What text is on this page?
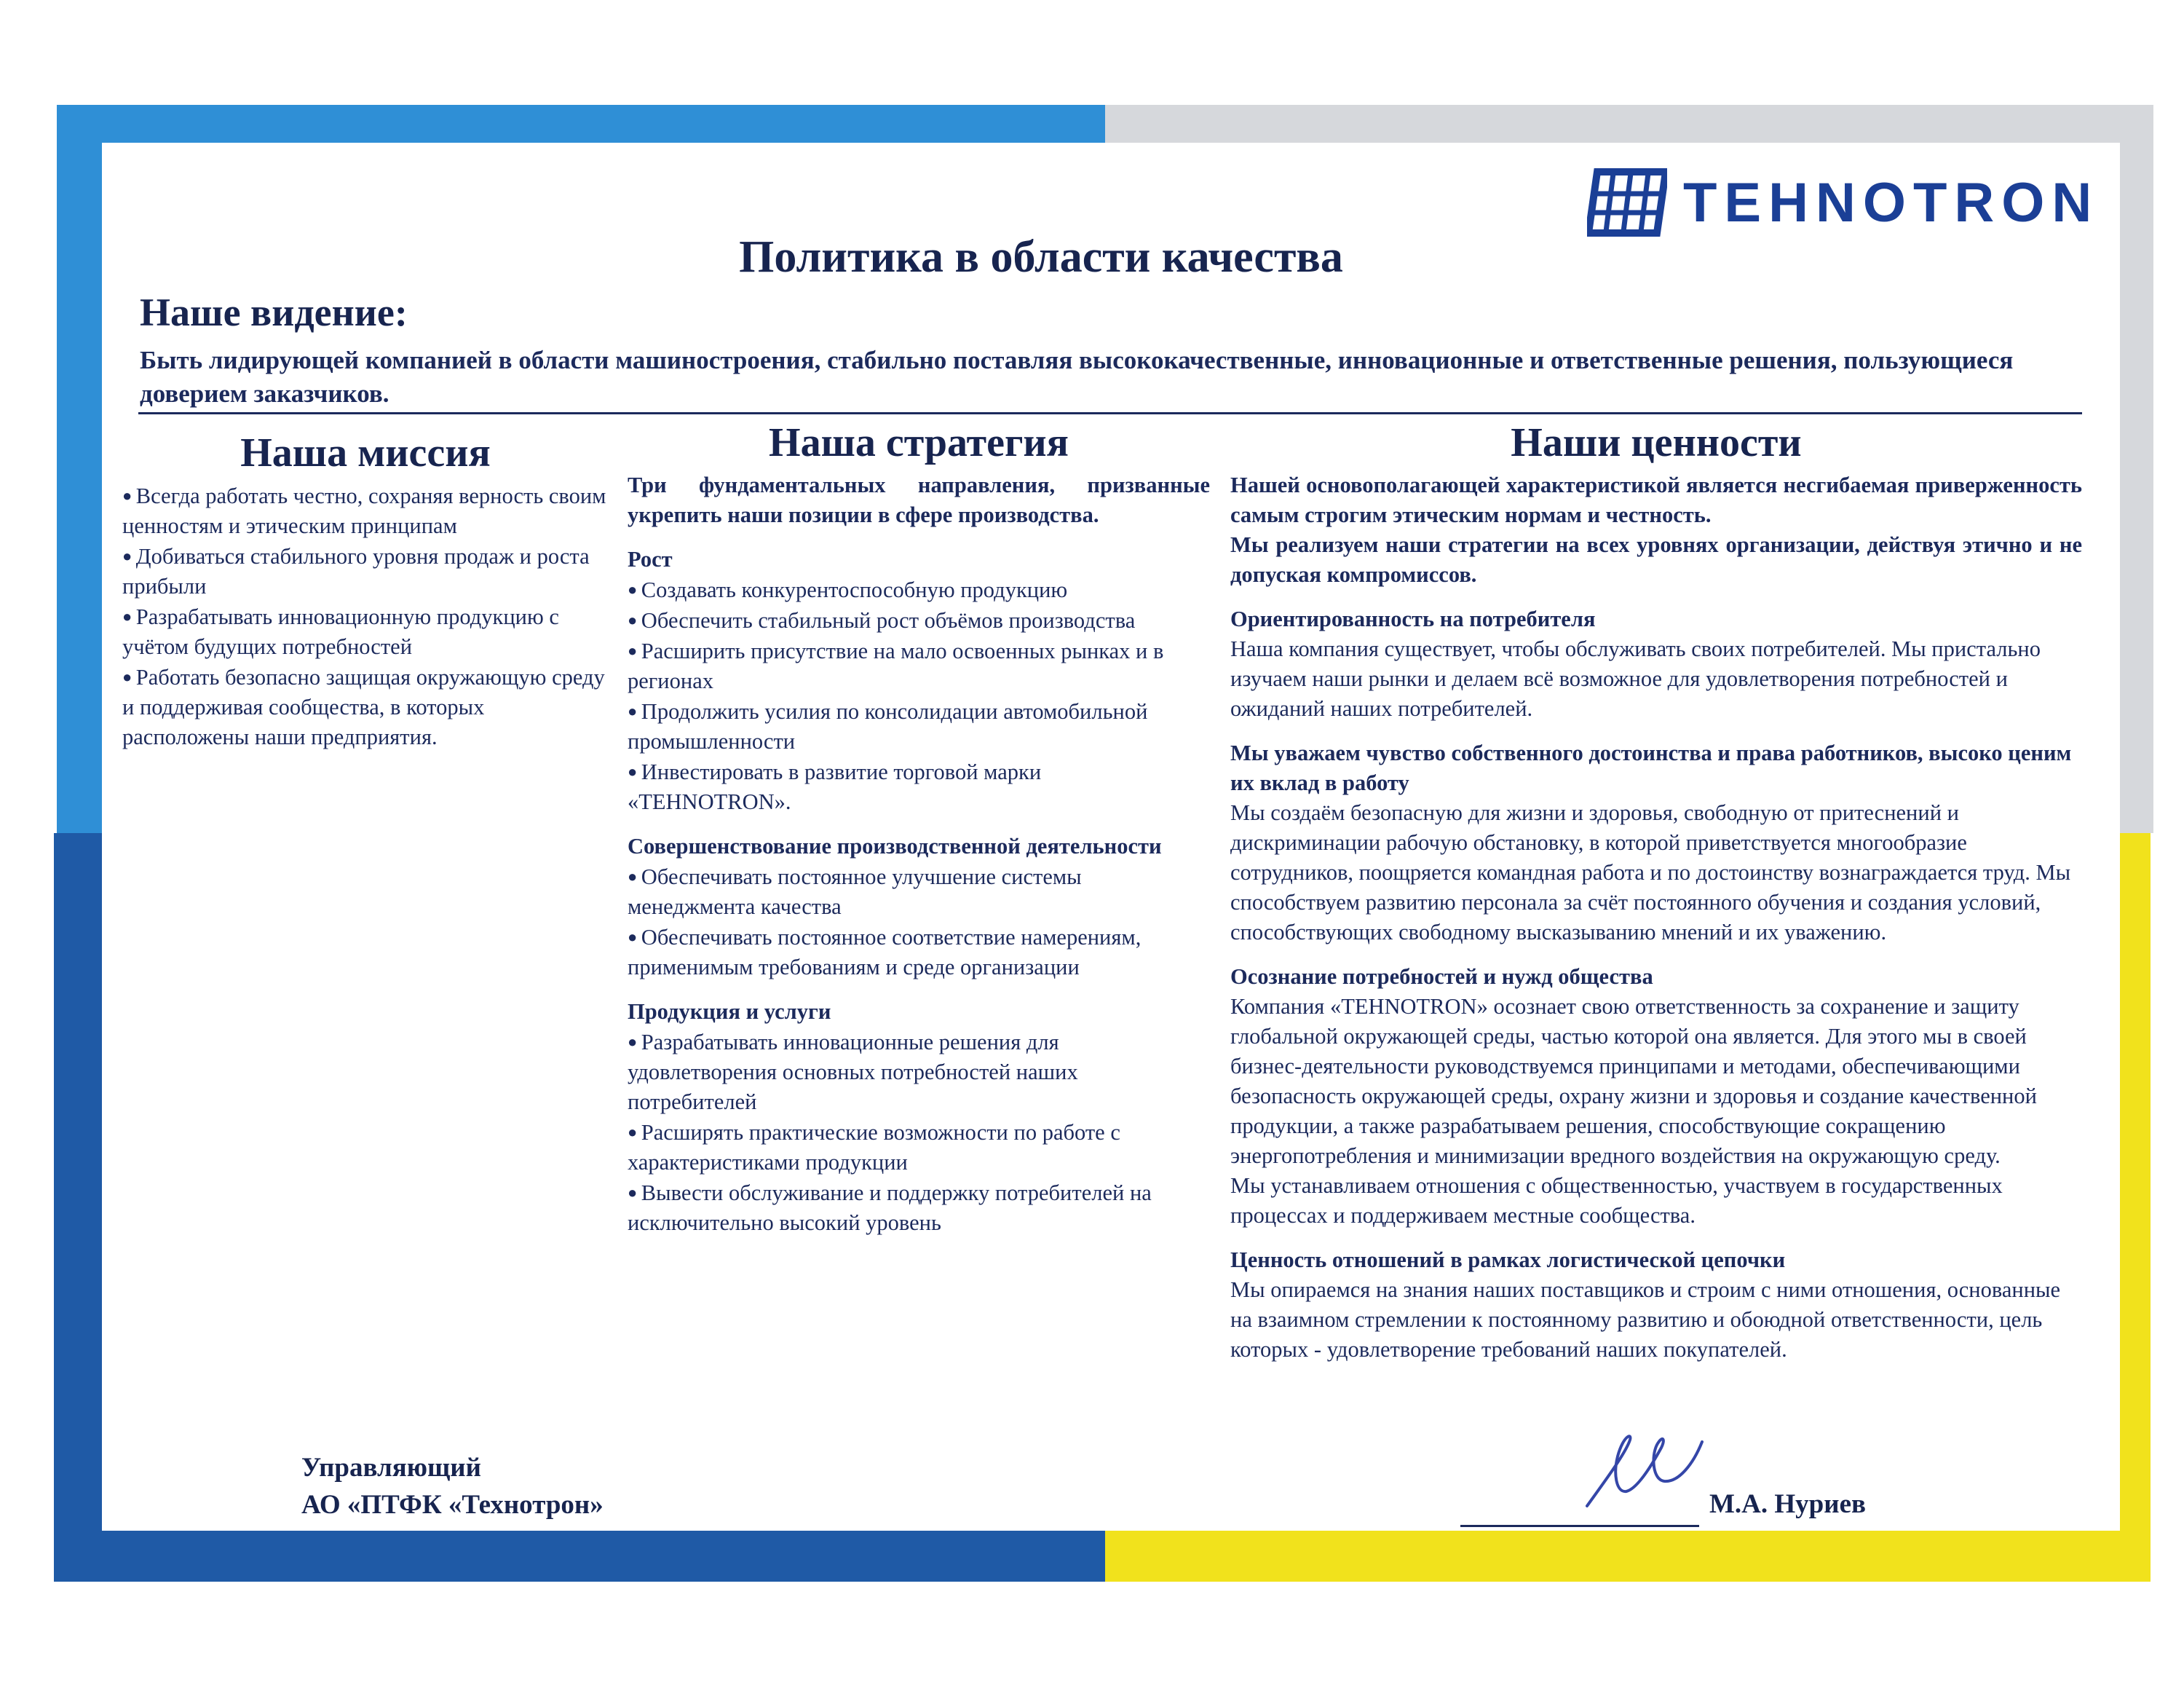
TEHNOTRON
Политика в области качества
Наше видение:
Быть лидирующей компанией в области машиностроения, стабильно поставляя высококачественные, инновационные и ответственные решения, пользующиеся доверием заказчиков.
Наша миссия	Наша стратегия	Наши ценности

● Всегда работать честно, сохраняя верность своим ценностям и этическим принципам

● Добиваться стабильного уровня продаж и роста прибыли

● Разрабатывать инновационную продукцию с учётом будущих потребностей

● Работать безопасно защищая окружающую среду и поддерживая сообщества, в которых расположены наши предприятия.

Три фундаментальных направления, призванные укрепить наши позиции в сфере производства.

Рост

● Создавать конкурентоспособную продукцию

● Обеспечить стабильный рост объёмов производства

● Расширить присутствие на мало освоенных рынках и в регионах

● Продолжить усилия по консолидации автомобильной промышленности

● Инвестировать в развитие торговой марки «TEHNOTRON».

Совершенствование производственной деятельности

● Обеспечивать постоянное улучшение системы менеджмента качества

● Обеспечивать постоянное соответствие намерениям, применимым требованиям и среде организации

Продукция и услуги

● Разрабатывать инновационные решения для удовлетворения основных потребностей наших потребителей

● Расширять практические возможности по работе с характеристиками продукции

● Вывести обслуживание и поддержку потребителей на исключительно высокий уровень

Нашей основополагающей характеристикой является несгибаемая приверженность самым строгим этическим нормам и честность.

Мы реализуем наши стратегии на всех уровнях организации, действуя этично и не допуская компромиссов.

Ориентированность на потребителя

Наша компания существует, чтобы обслуживать своих потребителей. Мы пристально изучаем наши рынки и делаем всё возможное для удовлетворения потребностей и ожиданий наших потребителей.

Мы уважаем чувство собственного достоинства и права работников, высоко ценим их вклад в работу

Мы создаём безопасную для жизни и здоровья, свободную от притеснений и дискриминации рабочую обстановку, в которой приветствуется многообразие сотрудников, поощряется командная работа и по достоинству вознаграждается труд. Мы способствуем развитию персонала за счёт постоянного обучения и создания условий, способствующих свободному высказыванию мнений и их уважению.

Осознание потребностей и нужд общества

Компания «TEHNOTRON» осознает свою ответственность за сохранение и защиту глобальной окружающей среды, частью которой она является. Для этого мы в своей бизнес-деятельности руководствуемся принципами и методами, обеспечивающими безопасность окружающей среды, охрану жизни и здоровья и создание качественной продукции, а также разрабатываем решения, способствующие сокращению энергопотребления и минимизации вредного воздействия на окружающую среду.

Мы устанавливаем отношения с общественностью, участвуем в государственных процессах и поддерживаем местные сообщества.

Ценность отношений в рамках логистической цепочки

Мы опираемся на знания наших поставщиков и строим с ними отношения, основанные на взаимном стремлении к постоянному развитию и обоюдной ответственности, цель которых - удовлетворение требований наших покупателей.

Управляющий
АО «ПТФК «Технотрон»	М.А. Нуриев
